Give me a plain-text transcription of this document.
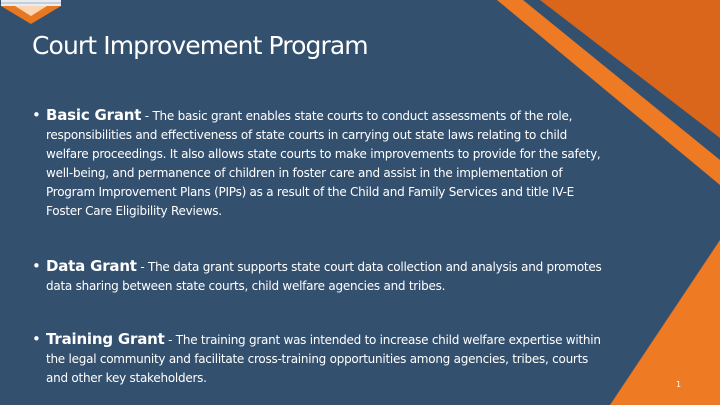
Court Improvement Program
• Basic Grant - The basic grant enables state courts to conduct assessments of the role, responsibilities and effectiveness of state courts in carrying out state laws relating to child welfare proceedings. It also allows state courts to make improvements to provide for the safety, well-being, and permanence of children in foster care and assist in the implementation of Program Improvement Plans (PIPs) as a result of the Child and Family Services and title IV-E Foster Care Eligibility Reviews.
• Data Grant - The data grant supports state court data collection and analysis and promotes data sharing between state courts, child welfare agencies and tribes.
• Training Grant - The training grant was intended to increase child welfare expertise within the legal community and facilitate cross-training opportunities among agencies, tribes, courts and other key stakeholders.	1
